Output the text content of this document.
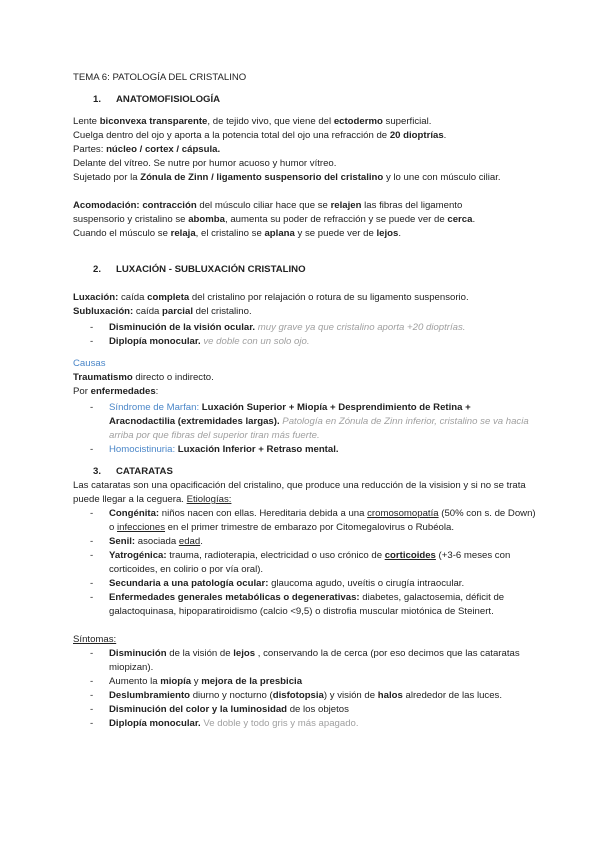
TEMA 6: PATOLOGÍA DEL CRISTALINO

1. ANATOMOFISIOLOGÍA

Lente biconvexa transparente, de tejido vivo, que viene del ectodermo superficial.

Cuelga dentro del ojo y aporta a la potencia total del ojo una refracción de 20 dioptrías.

Partes: núcleo / cortex / cápsula.

Delante del vítreo. Se nutre por humor acuoso y humor vítreo.

Sujetado por la Zónula de Zinn / ligamento suspensorio del cristalino y lo une con músculo ciliar.

Acomodación: contracción del músculo ciliar hace que se relajen las fibras del ligamento

suspensorio y cristalino se abomba, aumenta su poder de refracción y se puede ver de cerca.

Cuando el músculo se relaja, el cristalino se aplana y se puede ver de lejos.

2. LUXACIÓN - SUBLUXACIÓN CRISTALINO

Luxación: caída completa del cristalino por relajación o rotura de su ligamento suspensorio.

Subluxación: caída parcial del cristalino.

- Disminución de la visión ocular. muy grave ya que cristalino aporta +20 dioptrías.
- Diplopía monocular. ve doble con un solo ojo.

Causas

Traumatismo directo o indirecto.

Por enfermedades:

- Síndrome de Marfan: Luxación Superior + Miopía + Desprendimiento de Retina + Aracnodactilia (extremidades largas). Patología en Zónula de Zinn inferior, cristalino se va hacia arriba por que fibras del superior tiran más fuerte.
- Homocistinuria: Luxación Inferior + Retraso mental.

3. CATARATAS

Las cataratas son una opacificación del cristalino, que produce una reducción de la visision y si no se trata puede llegar a la ceguera. Etiologías:

- Congénita: niños nacen con ellas. Hereditaria debida a una cromosomopatía (50% con s. de Down) o infecciones en el primer trimestre de embarazo por Citomegalovirus o Rubéola.
- Senil: asociada edad.
- Yatrogénica: trauma, radioterapia, electricidad o uso crónico de corticoides (+3-6 meses con corticoides, en colirio o por vía oral).
- Secundaria a una patología ocular: glaucoma agudo, uveítis o cirugía intraocular.
- Enfermedades generales metabólicas o degenerativas: diabetes, galactosemia, déficit de galactoquinasa, hipoparatiroidismo (calcio <9,5) o distrofia muscular miotónica de Steinert.

Síntomas:

- Disminución de la visión de lejos , conservando la de cerca (por eso decimos que las cataratas miopizan).
- Aumento la miopía y mejora de la presbicia
- Deslumbramiento diurno y nocturno (disfotopsia) y visión de halos alrededor de las luces.
- Disminución del color y la luminosidad de los objetos
- Diplopía monocular. Ve doble y todo gris y más apagado.
